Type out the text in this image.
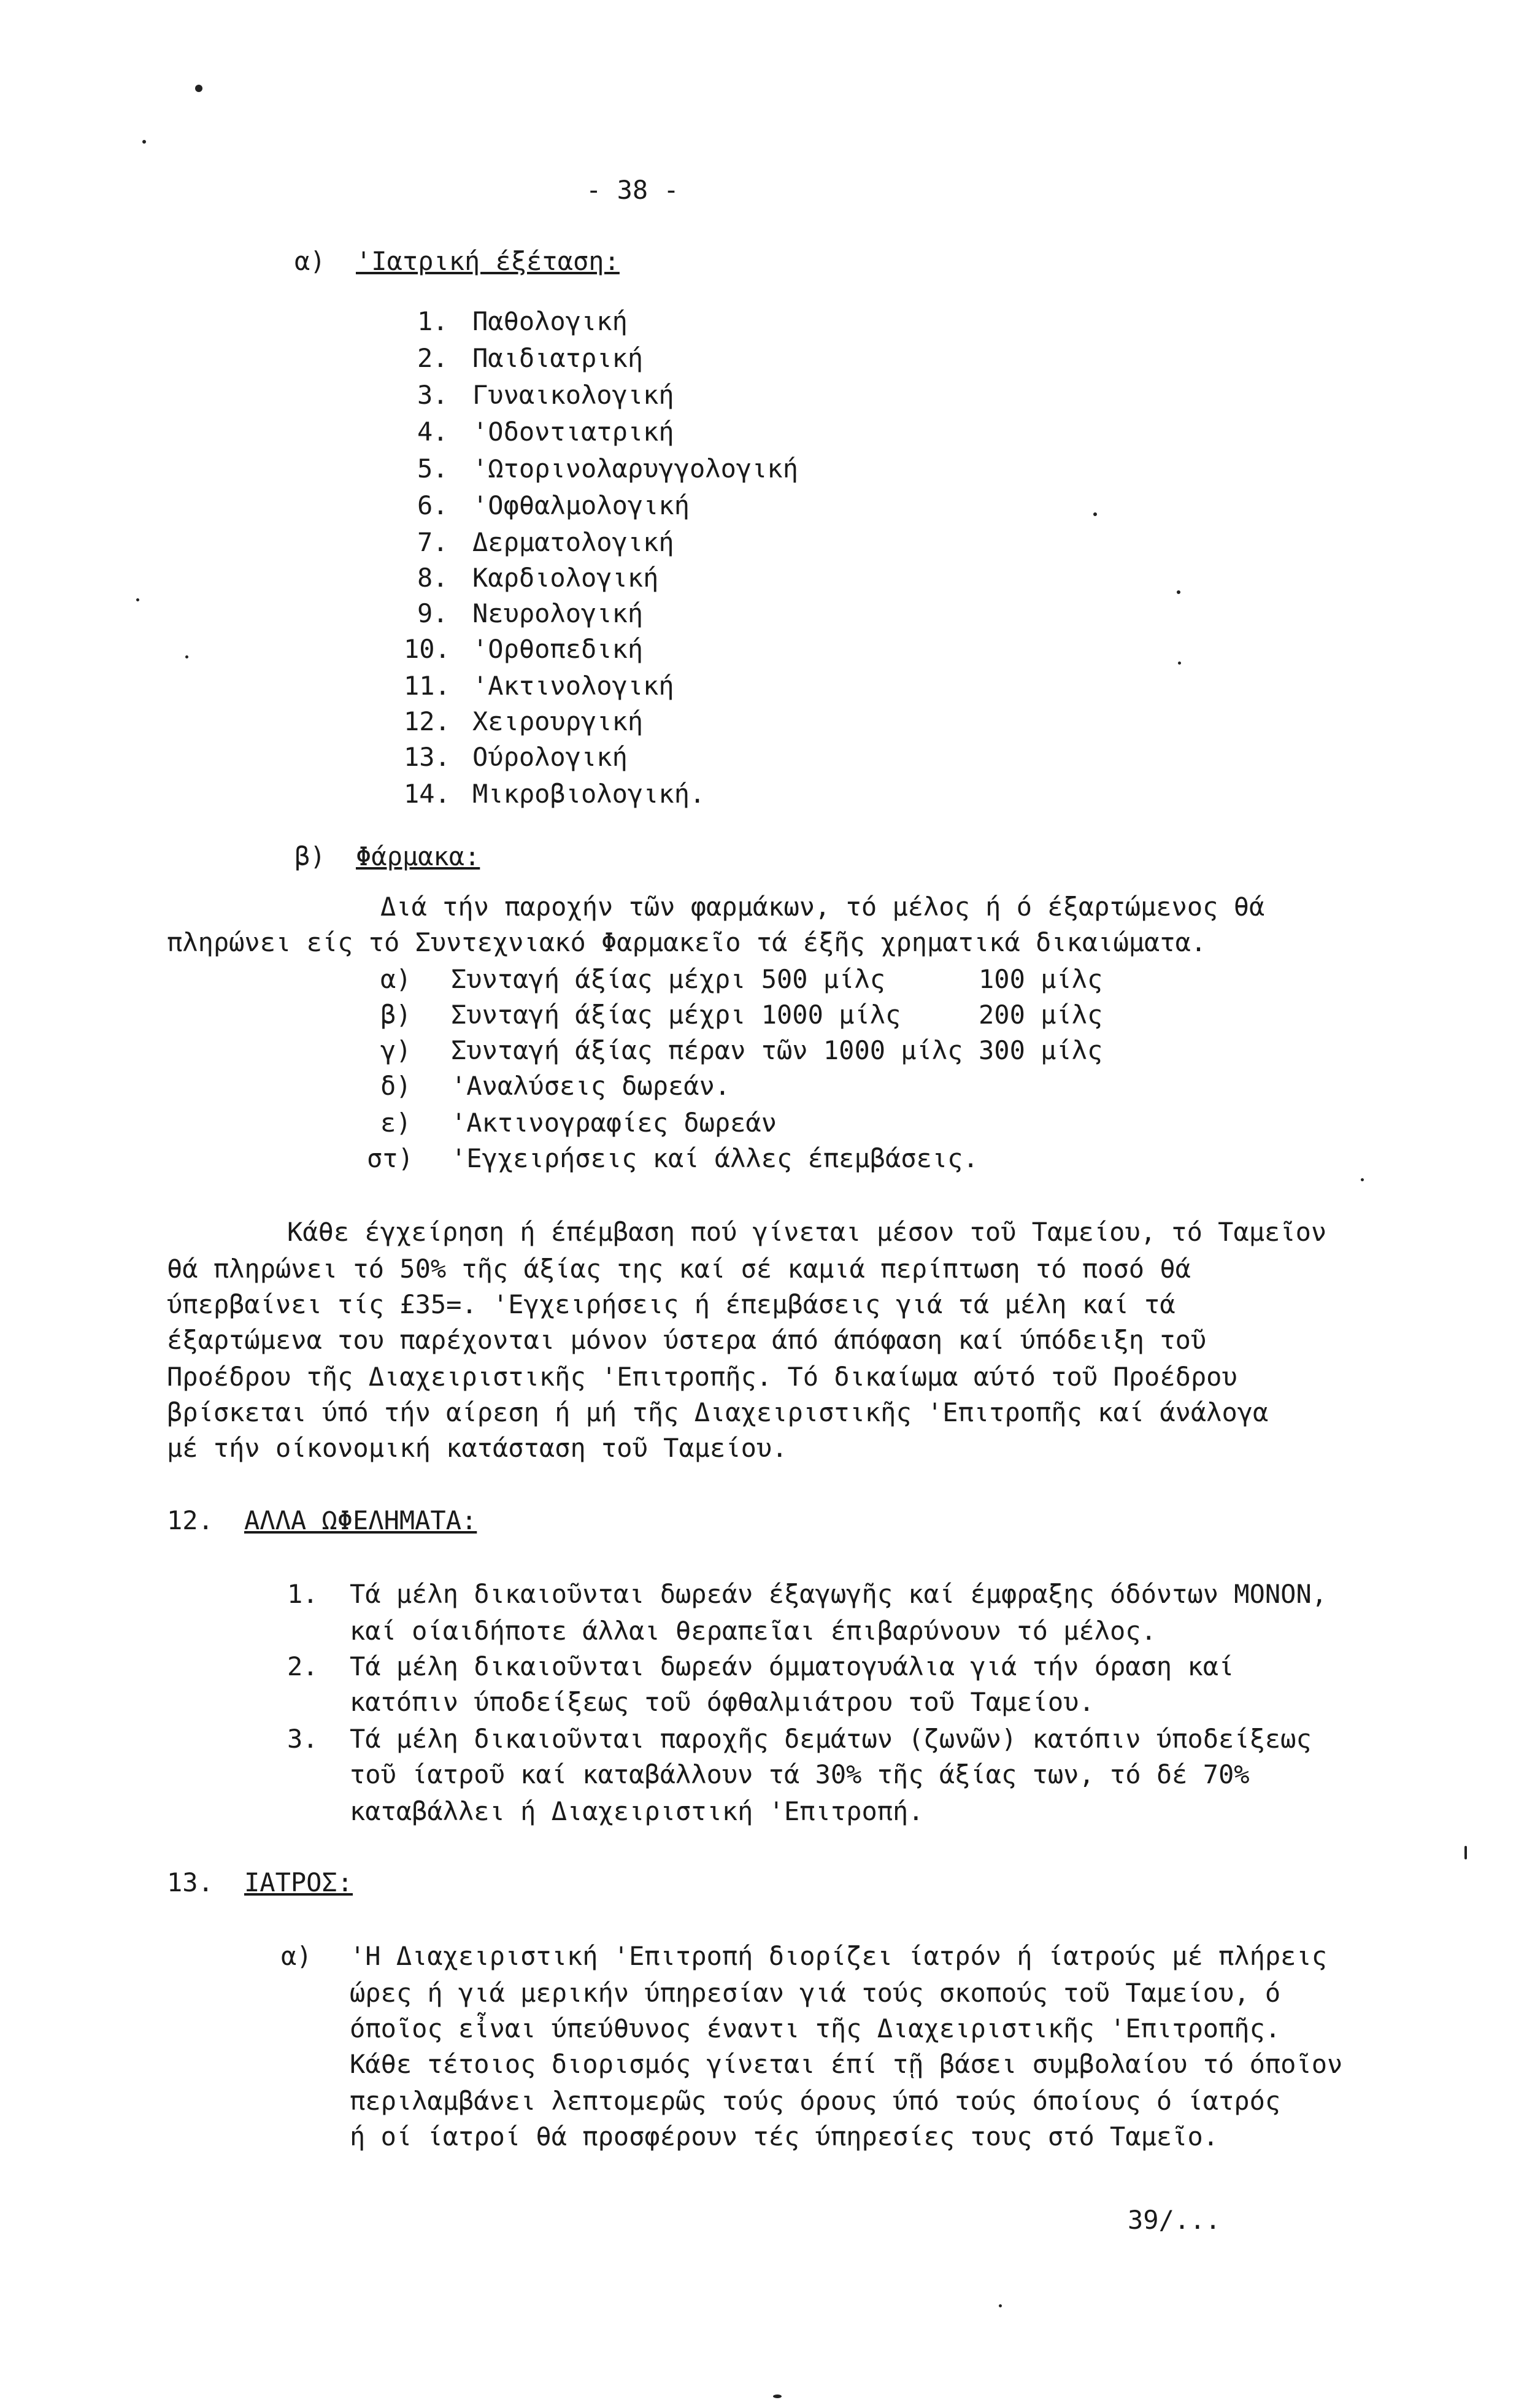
- 38 -
α) 'Ιατρική έξέταση:
1. Παθολογική
2. Παιδιατρική
3. Γυναικολογική
4. 'Οδοντιατρική
5. 'Ωτορινολαρυγγολογική
6. 'Οφθαλμολογική
7. Δερματολογική
8. Καρδιολογική
9. Νευρολογική
10. 'Ορθοπεδική
11. 'Ακτινολογική
12. Χειρουργική
13. Ούρολογική
14. Μικροβιολογική.
β) Φάρμακα:
Διά τήν παροχήν τῶν φαρμάκων, τό μέλος ή ό έξαρτώμενος θά
πληρώνει είς τό Συντεχνιακό Φαρμακεῖο τά έξῆς χρηματικά δικαιώματα.
α) Συνταγή άξίας μέχρι 500 μίλς	100 μίλς
β) Συνταγή άξίας μέχρι 1000 μίλς	200 μίλς
γ) Συνταγή άξίας πέραν τῶν 1000 μίλς 300 μίλς
δ) 'Αναλύσεις δωρεάν.
ε) 'Ακτινογραφίες δωρεάν
στ) 'Εγχειρήσεις καί άλλες έπεμβάσεις.
Κάθε έγχείρηση ή έπέμβαση πού γίνεται μέσον τοῦ Ταμείου, τό Ταμεῖον
θά πληρώνει τό 50% τῆς άξίας της καί σέ καμιά περίπτωση τό ποσό θά
ύπερβαίνει τίς £35=. 'Εγχειρήσεις ή έπεμβάσεις γιά τά μέλη καί τά
έξαρτώμενα του παρέχονται μόνον ύστερα άπό άπόφαση καί ύπόδειξη τοῦ
Προέδρου τῆς Διαχειριστικῆς 'Επιτροπῆς. Τό δικαίωμα αύτό τοῦ Προέδρου
βρίσκεται ύπό τήν αίρεση ή μή τῆς Διαχειριστικῆς 'Επιτροπῆς καί άνάλογα
μέ τήν οίκονομική κατάσταση τοῦ Ταμείου.
12. ΑΛΛΑ ΩΦΕΛΗΜΑΤΑ:
1. Τά μέλη δικαιοῦνται δωρεάν έξαγωγῆς καί έμφραξης όδόντων ΜΟΝΟΝ,
καί οίαιδήποτε άλλαι θεραπεῖαι έπιβαρύνουν τό μέλος.
2. Τά μέλη δικαιοῦνται δωρεάν όμματογυάλια γιά τήν όραση καί
κατόπιν ύποδείξεως τοῦ όφθαλμιάτρου τοῦ Ταμείου.
3. Τά μέλη δικαιοῦνται παροχῆς δεμάτων (ζωνῶν) κατόπιν ύποδείξεως
τοῦ ίατροῦ καί καταβάλλουν τά 30% τῆς άξίας των, τό δέ 70%
καταβάλλει ή Διαχειριστική 'Επιτροπή.
13. ΙΑΤΡΟΣ:
α) 'Η Διαχειριστική 'Επιτροπή διορίζει ίατρόν ή ίατρούς μέ πλήρεις
ώρες ή γιά μερικήν ύπηρεσίαν γιά τούς σκοπούς τοῦ Ταμείου, ό
όποῖος εἶναι ύπεύθυνος έναντι τῆς Διαχειριστικῆς 'Επιτροπῆς.
Κάθε τέτοιος διορισμός γίνεται έπί τῇ βάσει συμβολαίου τό όποῖον
περιλαμβάνει λεπτομερῶς τούς όρους ύπό τούς όποίους ό ίατρός
ή οί ίατροί θά προσφέρουν τές ύπηρεσίες τους στό Ταμεῖο.
39/...
